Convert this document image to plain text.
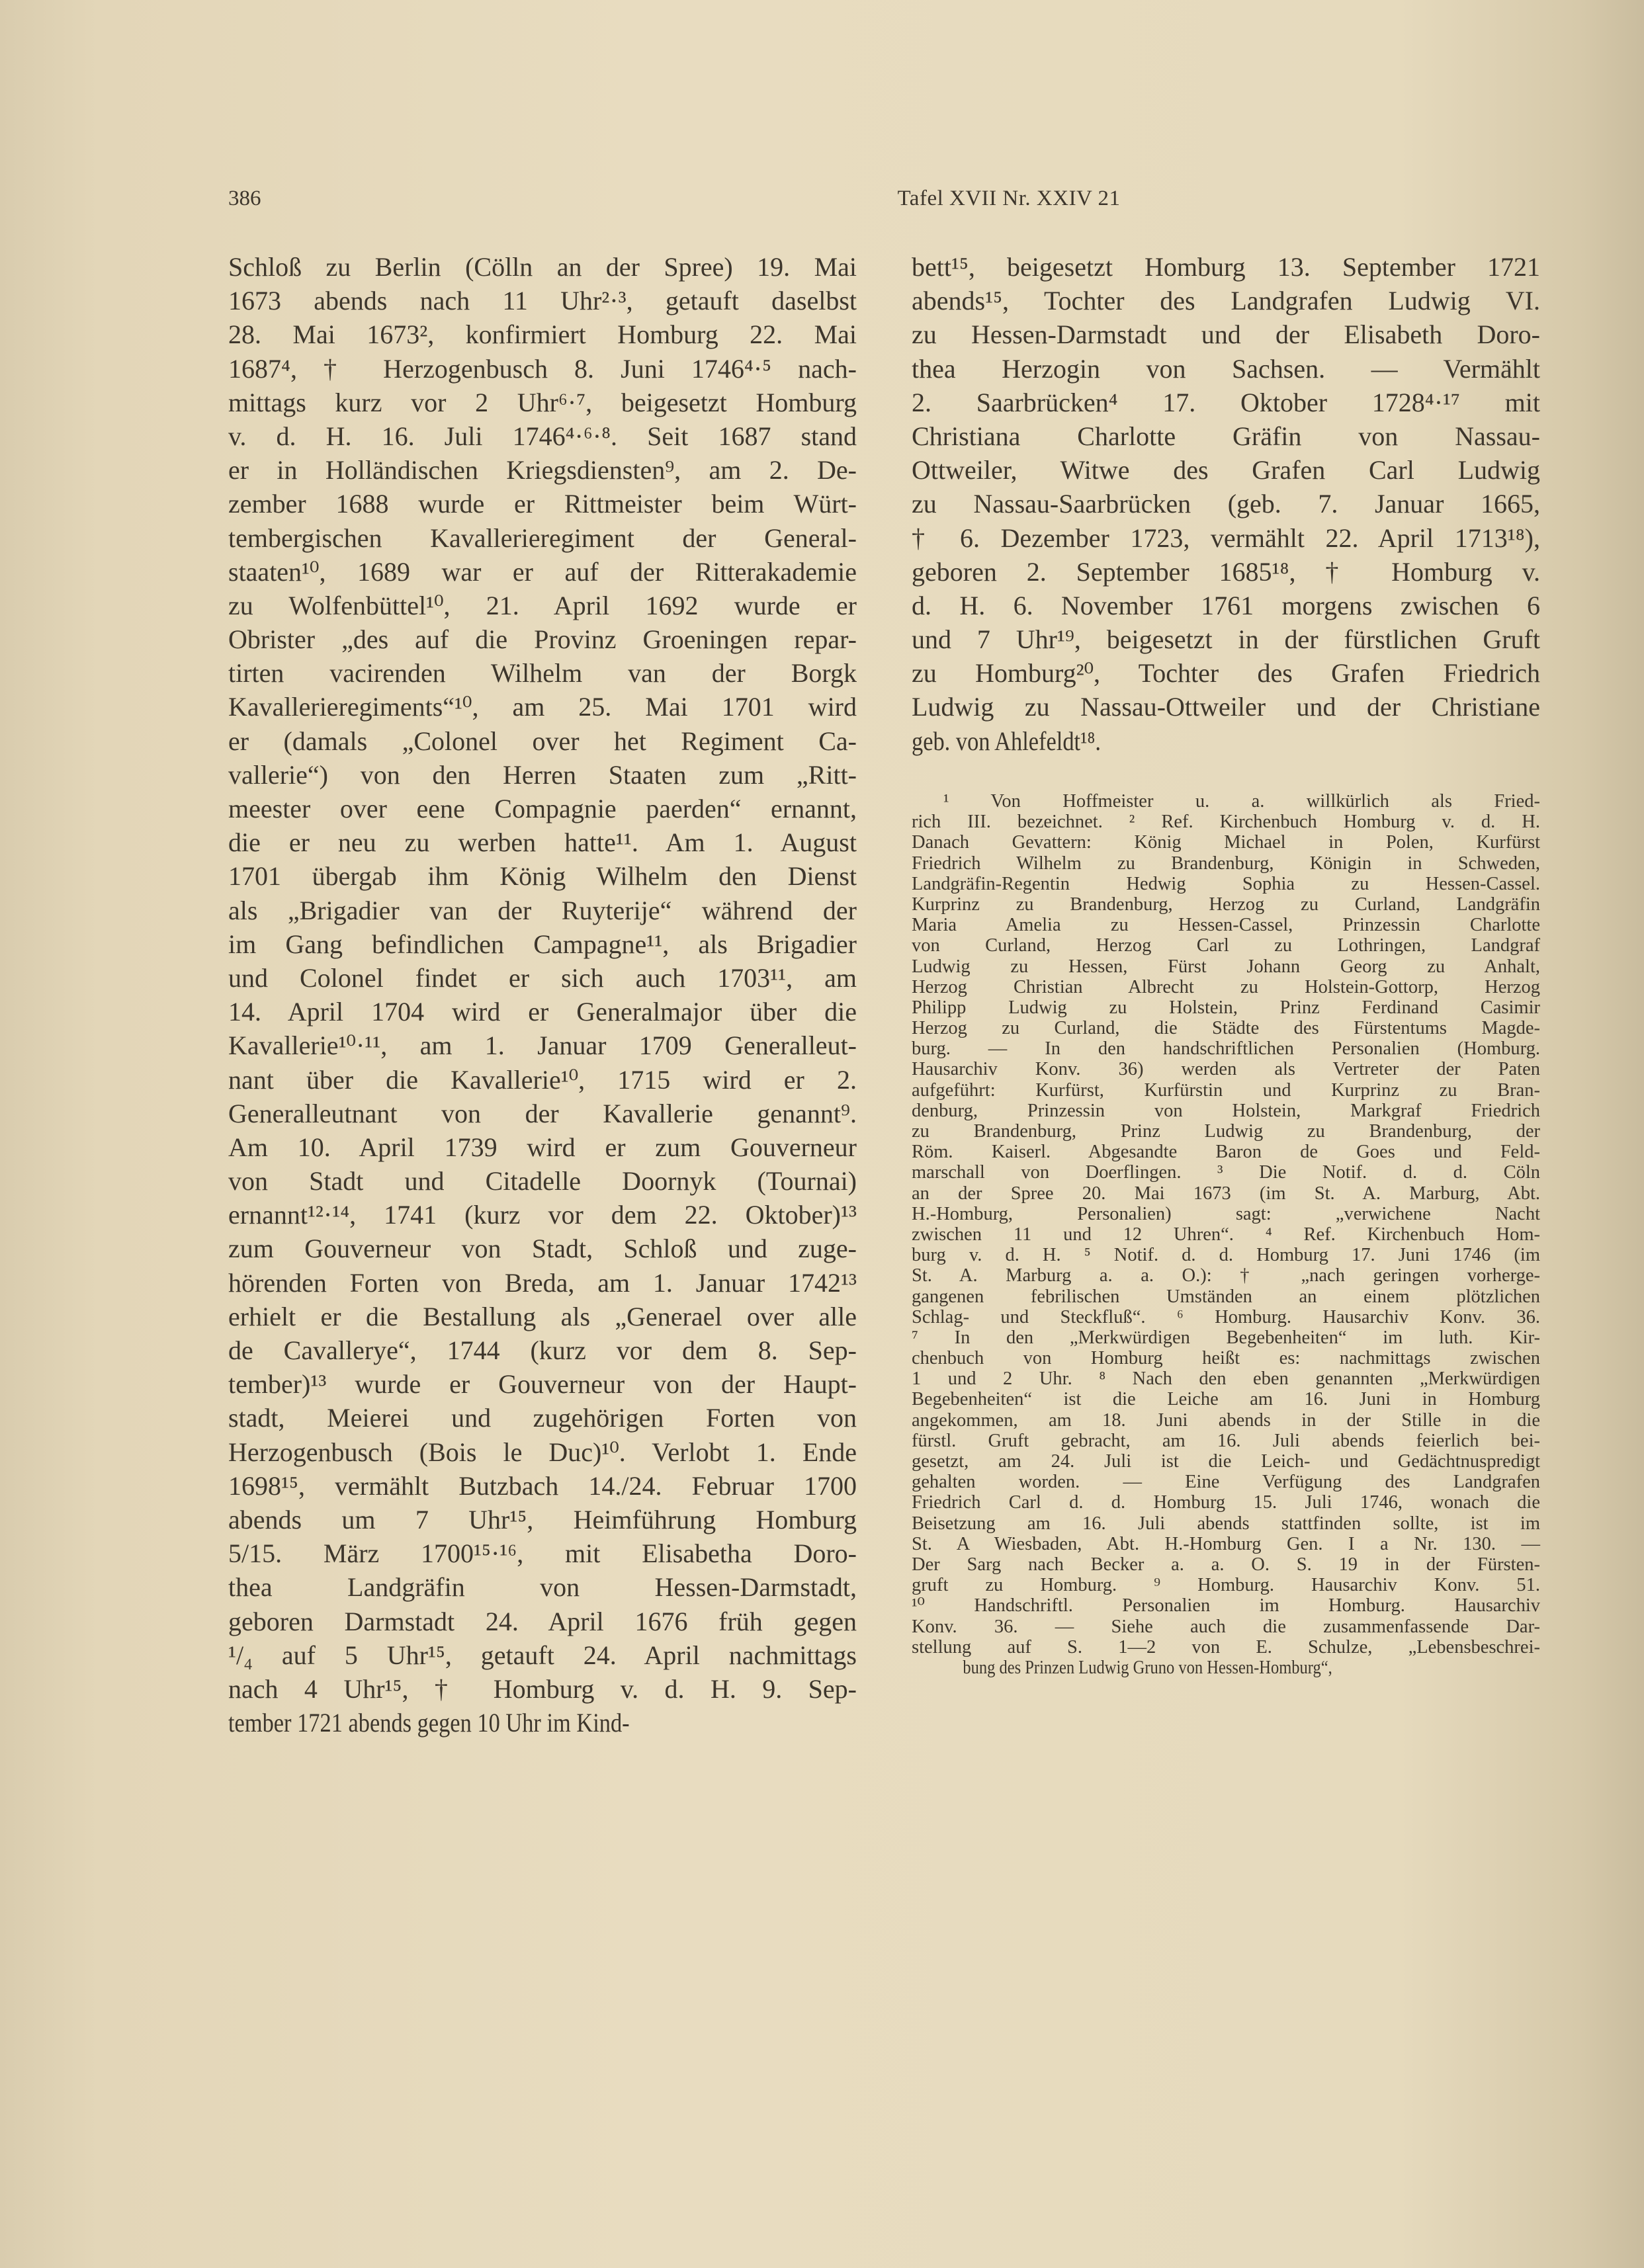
386	Tafel XVII Nr. XXIV 21
Schloß zu Berlin (Cölln an der Spree) 19. Mai
1673 abends nach 11 Uhr²·³, getauft daselbst
28. Mai 1673², konfirmiert Homburg 22. Mai
1687⁴, † Herzogenbusch 8. Juni 1746⁴·⁵ nach-
mittags kurz vor 2 Uhr⁶·⁷, beigesetzt Homburg
v. d. H. 16. Juli 1746⁴·⁶·⁸. Seit 1687 stand
er in Holländischen Kriegsdiensten⁹, am 2. De-
zember 1688 wurde er Rittmeister beim Würt-
tembergischen Kavallerieregiment der General-
staaten¹⁰, 1689 war er auf der Ritterakademie
zu Wolfenbüttel¹⁰, 21. April 1692 wurde er
Obrister „des auf die Provinz Groeningen repar-
tirten vacirenden Wilhelm van der Borgk
Kavallerieregiments“¹⁰, am 25. Mai 1701 wird
er (damals „Colonel over het Regiment Ca-
vallerie“) von den Herren Staaten zum „Ritt-
meester over eene Compagnie paerden“ ernannt,
die er neu zu werben hatte¹¹. Am 1. August
1701 übergab ihm König Wilhelm den Dienst
als „Brigadier van der Ruyterije“ während der
im Gang befindlichen Campagne¹¹, als Brigadier
und Colonel findet er sich auch 1703¹¹, am
14. April 1704 wird er Generalmajor über die
Kavallerie¹⁰·¹¹, am 1. Januar 1709 Generalleut-
nant über die Kavallerie¹⁰, 1715 wird er 2.
Generalleutnant von der Kavallerie genannt⁹.
Am 10. April 1739 wird er zum Gouverneur
von Stadt und Citadelle Doornyk (Tournai)
ernannt¹²·¹⁴, 1741 (kurz vor dem 22. Oktober)¹³
zum Gouverneur von Stadt, Schloß und zuge-
hörenden Forten von Breda, am 1. Januar 1742¹³
erhielt er die Bestallung als „Generael over alle
de Cavallerye“, 1744 (kurz vor dem 8. Sep-
tember)¹³ wurde er Gouverneur von der Haupt-
stadt, Meierei und zugehörigen Forten von
Herzogenbusch (Bois le Duc)¹⁰. Verlobt 1. Ende
1698¹⁵, vermählt Butzbach 14./24. Februar 1700
abends um 7 Uhr¹⁵, Heimführung Homburg
5/15. März 1700¹⁵·¹⁶, mit Elisabetha Doro-
thea Landgräfin von Hessen-Darmstadt,
geboren Darmstadt 24. April 1676 früh gegen
¹/₄ auf 5 Uhr¹⁵, getauft 24. April nachmittags
nach 4 Uhr¹⁵, † Homburg v. d. H. 9. Sep-
tember 1721 abends gegen 10 Uhr im Kind-
bett¹⁵, beigesetzt Homburg 13. September 1721
abends¹⁵, Tochter des Landgrafen Ludwig VI.
zu Hessen-Darmstadt und der Elisabeth Doro-
thea Herzogin von Sachsen. — Vermählt
2. Saarbrücken⁴ 17. Oktober 1728⁴·¹⁷ mit
Christiana Charlotte Gräfin von Nassau-
Ottweiler, Witwe des Grafen Carl Ludwig
zu Nassau-Saarbrücken (geb. 7. Januar 1665,
† 6. Dezember 1723, vermählt 22. April 1713¹⁸),
geboren 2. September 1685¹⁸, † Homburg v.
d. H. 6. November 1761 morgens zwischen 6
und 7 Uhr¹⁹, beigesetzt in der fürstlichen Gruft
zu Homburg²⁰, Tochter des Grafen Friedrich
Ludwig zu Nassau-Ottweiler und der Christiane
geb. von Ahlefeldt¹⁸.
¹ Von Hoffmeister u. a. willkürlich als Fried-
rich III. bezeichnet. ² Ref. Kirchenbuch Homburg v. d. H.
Danach Gevattern: König Michael in Polen, Kurfürst
Friedrich Wilhelm zu Brandenburg, Königin in Schweden,
Landgräfin-Regentin Hedwig Sophia zu Hessen-Cassel.
Kurprinz zu Brandenburg, Herzog zu Curland, Landgräfin
Maria Amelia zu Hessen-Cassel, Prinzessin Charlotte
von Curland, Herzog Carl zu Lothringen, Landgraf
Ludwig zu Hessen, Fürst Johann Georg zu Anhalt,
Herzog Christian Albrecht zu Holstein-Gottorp, Herzog
Philipp Ludwig zu Holstein, Prinz Ferdinand Casimir
Herzog zu Curland, die Städte des Fürstentums Magde-
burg. — In den handschriftlichen Personalien (Homburg.
Hausarchiv Konv. 36) werden als Vertreter der Paten
aufgeführt: Kurfürst, Kurfürstin und Kurprinz zu Bran-
denburg, Prinzessin von Holstein, Markgraf Friedrich
zu Brandenburg, Prinz Ludwig zu Brandenburg, der
Röm. Kaiserl. Abgesandte Baron de Goes und Feld-
marschall von Doerflingen. ³ Die Notif. d. d. Cöln
an der Spree 20. Mai 1673 (im St. A. Marburg, Abt.
H.-Homburg, Personalien) sagt: „verwichene Nacht
zwischen 11 und 12 Uhren“. ⁴ Ref. Kirchenbuch Hom-
burg v. d. H. ⁵ Notif. d. d. Homburg 17. Juni 1746 (im
St. A. Marburg a. a. O.): † „nach geringen vorherge-
gangenen febrilischen Umständen an einem plötzlichen
Schlag- und Steckfluß“. ⁶ Homburg. Hausarchiv Konv. 36.
⁷ In den „Merkwürdigen Begebenheiten“ im luth. Kir-
chenbuch von Homburg heißt es: nachmittags zwischen
1 und 2 Uhr. ⁸ Nach den eben genannten „Merkwürdigen
Begebenheiten“ ist die Leiche am 16. Juni in Homburg
angekommen, am 18. Juni abends in der Stille in die
fürstl. Gruft gebracht, am 16. Juli abends feierlich bei-
gesetzt, am 24. Juli ist die Leich- und Gedächtnuspredigt
gehalten worden. — Eine Verfügung des Landgrafen
Friedrich Carl d. d. Homburg 15. Juli 1746, wonach die
Beisetzung am 16. Juli abends stattfinden sollte, ist im
St. A Wiesbaden, Abt. H.-Homburg Gen. I a Nr. 130. —
Der Sarg nach Becker a. a. O. S. 19 in der Fürsten-
gruft zu Homburg. ⁹ Homburg. Hausarchiv Konv. 51.
¹⁰ Handschriftl. Personalien im Homburg. Hausarchiv
Konv. 36. — Siehe auch die zusammenfassende Dar-
stellung auf S. 1—2 von E. Schulze, „Lebensbeschrei-
bung des Prinzen Ludwig Gruno von Hessen-Homburg“,
